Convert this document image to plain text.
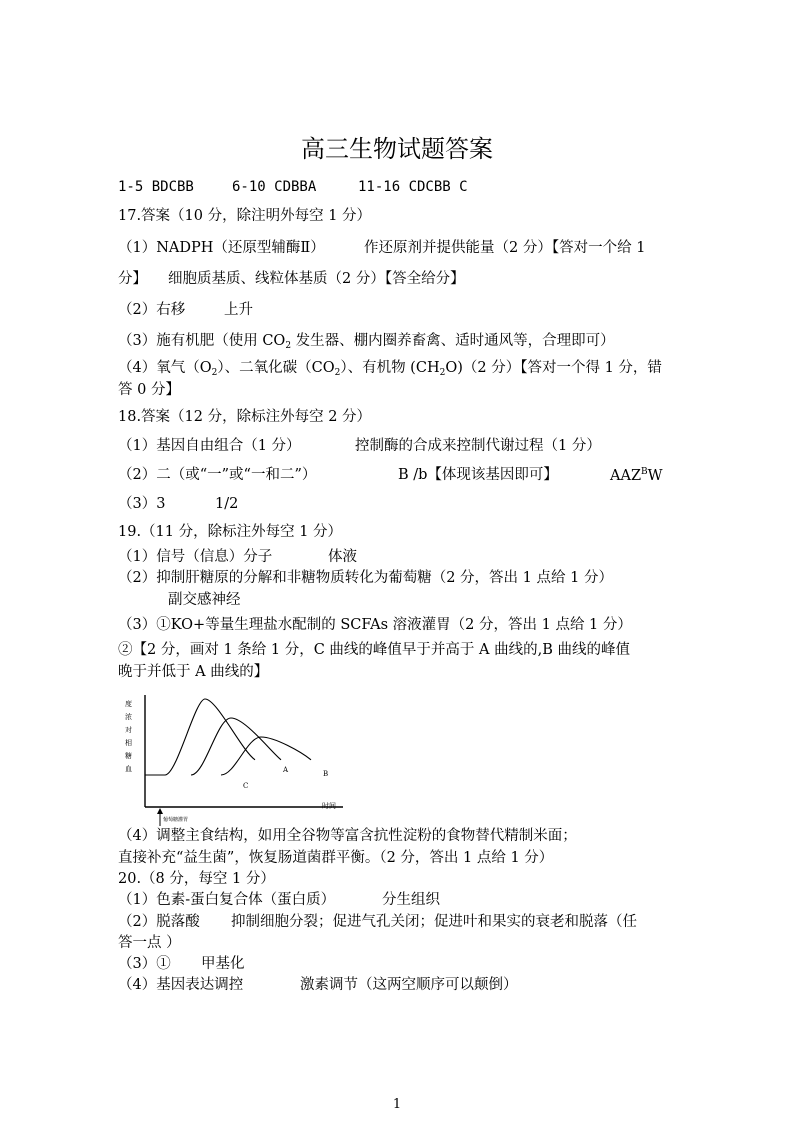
高三生物试题答案
1-5 BDCBB	6-10 CDBBA	11-16 CDCBB C
17.答案（10 分，除注明外每空 1 分）
（1）NADPH（还原型辅酶Ⅱ）	作还原剂并提供能量（2 分）【答对一个给 1
分】 细胞质基质、线粒体基质（2 分）【答全给分】
（2）右移	上升
（3）施有机肥（使用 $CO_2$ 发生器、棚内圈养畜禽、适时通风等，合理即可）
（4）氧气$(O_2)$、二氧化碳$(CO_2)$、有机物 $(CH_2O)(2$ 分）【答对一个得 1 分，错
答 0 分】
18.答案（12 分，除标注外每空 2 分）
（1）基因自由组合（1 分）	控制酶的合成来控制代谢过程（1 分）
（2）二（或“一”或“一和二”）	B /b【体现该基因即可】	$AAZ^BW$
（3）3	1/2
19.（11 分，除标注外每空 1 分）
（1）信号（信息）分子	体液
（2）抑制肝糖原的分解和非糖物质转化为葡萄糖（2 分，答出 1 点给 1 分）
副交感神经
（3）①KO+等量生理盐水配制的 SCFAs 溶液灌胃（2 分，答出 1 点给 1 分）
②【2 分，画对 1 条给 1 分，C 曲线的峰值早于并高于 A 曲线的,B 曲线的峰值
晚于并低于 A 曲线的】
度
浓
对
相
糖
血	A	B
C
时间
葡萄糖灌胃
（4）调整主食结构，如用全谷物等富含抗性淀粉的食物替代精制米面；
直接补充“益生菌”，恢复肠道菌群平衡。（2 分，答出 1 点给 1 分）
20.（8 分，每空 1 分）
（1）色素-蛋白复合体（蛋白质）	分生组织
（2）脱落酸 抑制细胞分裂；促进气孔关闭；促进叶和果实的衰老和脱落（任
答一点 ）
（3）① 甲基化
（4）基因表达调控	激素调节（这两空顺序可以颠倒）
1
